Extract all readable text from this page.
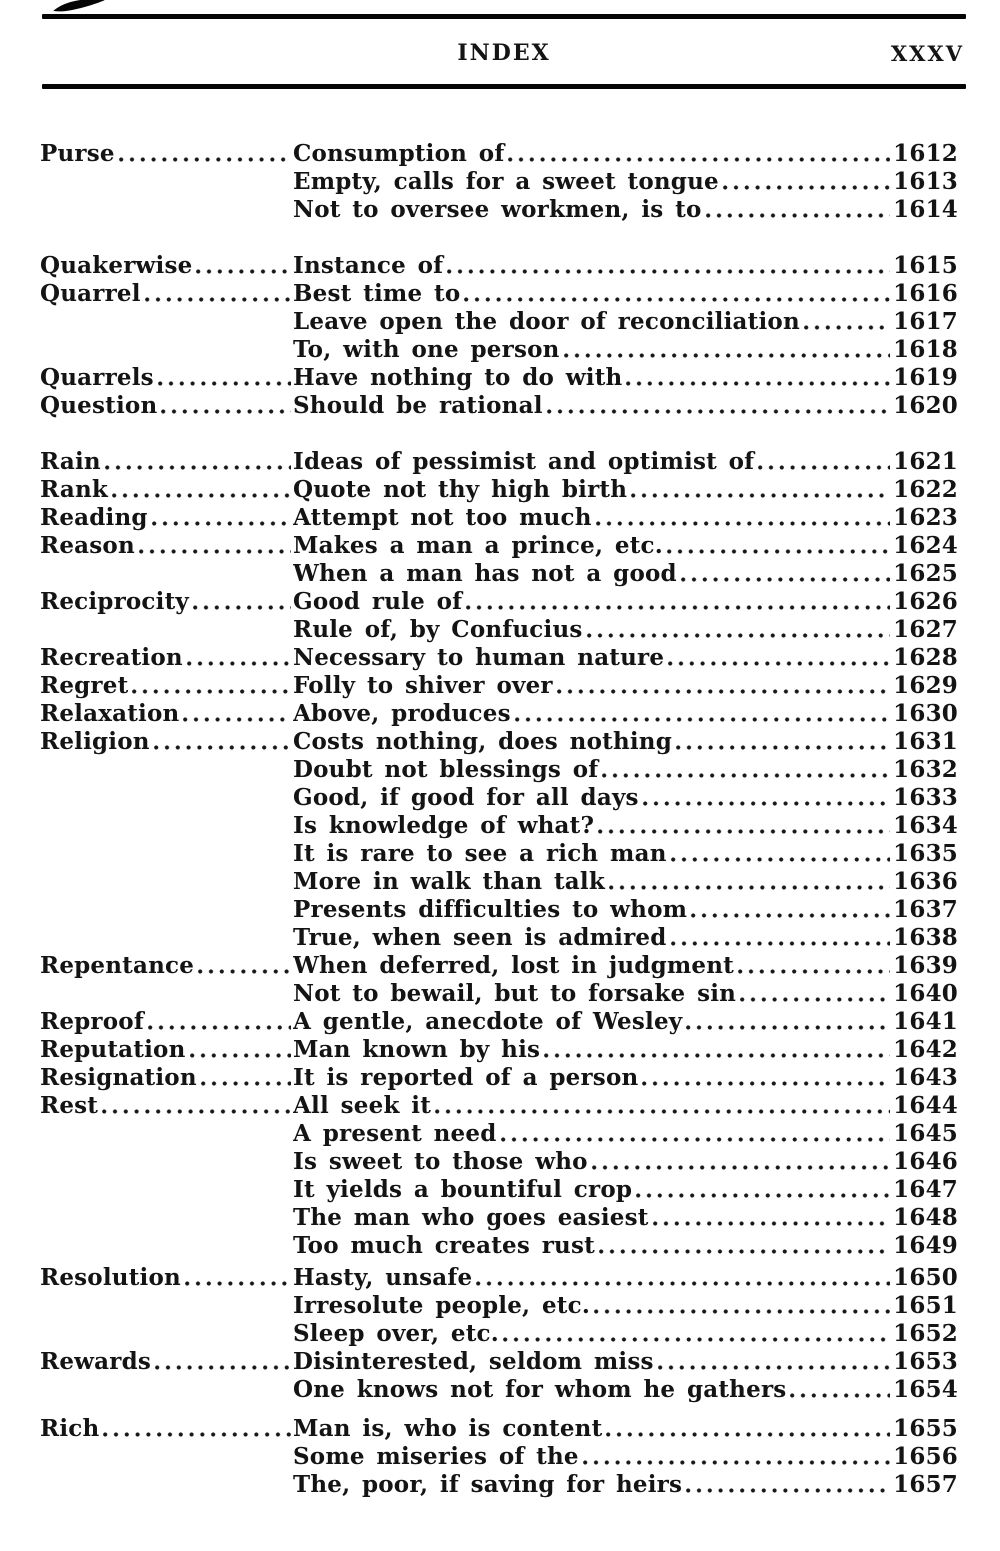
INDEX	XXXV
Purse	Consumption of	1612
Empty, calls for a sweet tongue	1613
Not to oversee workmen, is to	1614
Quakerwise	Instance of	1615
Quarrel	Best time to	1616
Leave open the door of reconciliation	1617
To, with one person	1618
Quarrels	Have nothing to do with	1619
Question	Should be rational	1620
Rain	Ideas of pessimist and optimist of	1621
Rank	Quote not thy high birth	1622
Reading	Attempt not too much	1623
Reason	Makes a man a prince, etc.	1624
When a man has not a good	1625
Reciprocity	Good rule of	1626
Rule of, by Confucius	1627
Recreation	Necessary to human nature	1628
Regret	Folly to shiver over	1629
Relaxation	Above, produces	1630
Religion	Costs nothing, does nothing	1631
Doubt not blessings of	1632
Good, if good for all days	1633
Is knowledge of what?	1634
It is rare to see a rich man	1635
More in walk than talk	1636
Presents difficulties to whom	1637
True, when seen is admired	1638
Repentance	When deferred, lost in judgment	1639
Not to bewail, but to forsake sin	1640
Reproof	A gentle, anecdote of Wesley	1641
Reputation	Man known by his	1642
Resignation	It is reported of a person	1643
Rest	All seek it	1644
A present need	1645
Is sweet to those who	1646
It yields a bountiful crop	1647
The man who goes easiest	1648
Too much creates rust	1649
Resolution	Hasty, unsafe	1650
Irresolute people, etc.	1651
Sleep over, etc.	1652
Rewards	Disinterested, seldom miss	1653
One knows not for whom he gathers	1654
Rich	Man is, who is content	1655
Some miseries of the	1656
The, poor, if saving for heirs	1657
